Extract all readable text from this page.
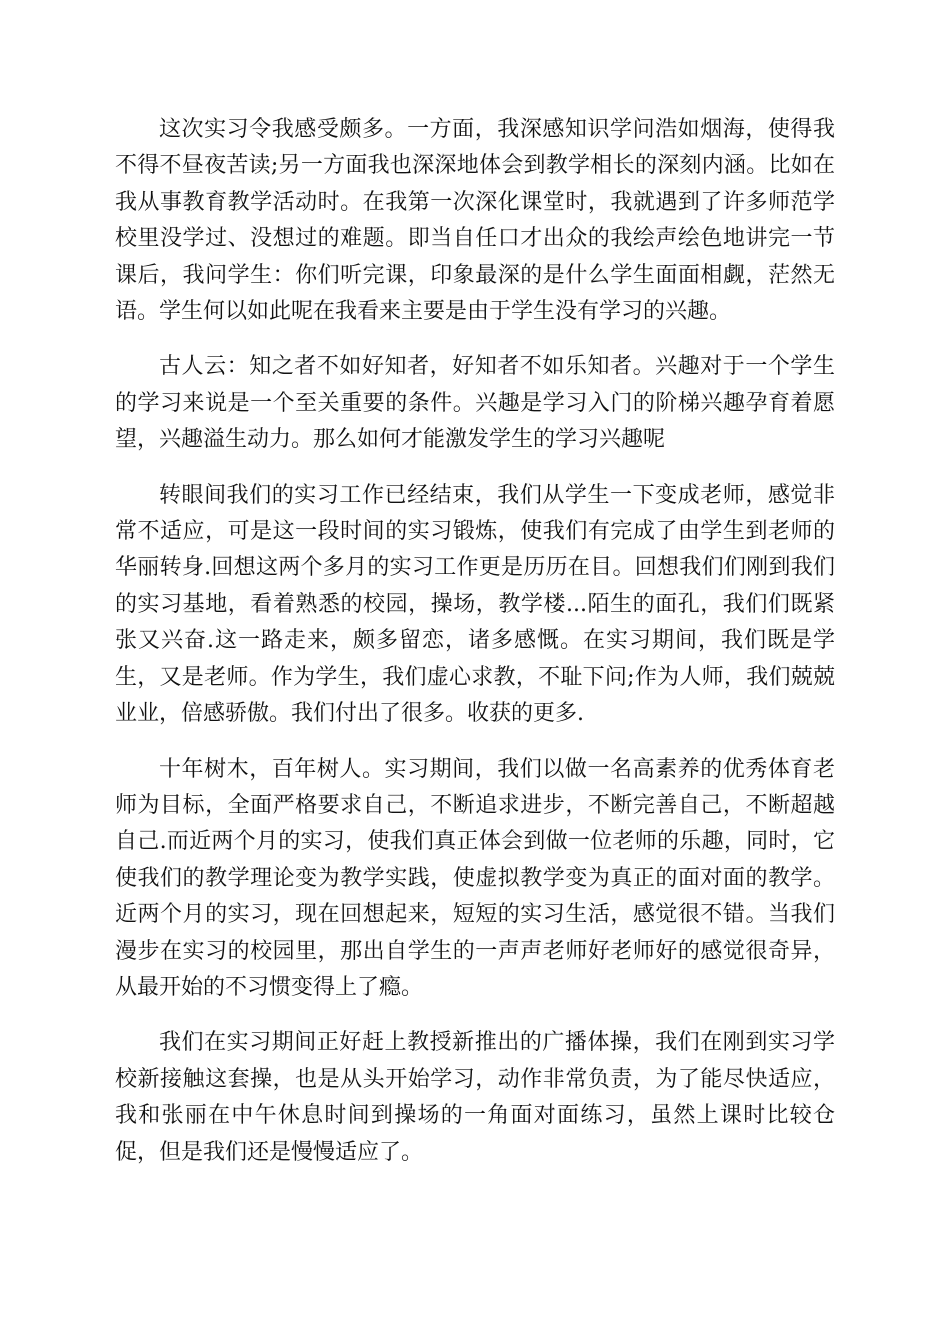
这次实习令我感受颇多。一方面，我深感知识学问浩如烟海，使得我不得不昼夜苦读;另一方面我也深深地体会到教学相长的深刻内涵。比如在我从事教育教学活动时。在我第一次深化课堂时，我就遇到了许多师范学校里没学过、没想过的难题。即当自任口才出众的我绘声绘色地讲完一节课后，我问学生：你们听完课，印象最深的是什么学生面面相觑，茫然无语。学生何以如此呢在我看来主要是由于学生没有学习的兴趣。

古人云：知之者不如好知者，好知者不如乐知者。兴趣对于一个学生的学习来说是一个至关重要的条件。兴趣是学习入门的阶梯兴趣孕育着愿望，兴趣溢生动力。那么如何才能激发学生的学习兴趣呢

转眼间我们的实习工作已经结束，我们从学生一下变成老师，感觉非常不适应，可是这一段时间的实习锻炼，使我们有完成了由学生到老师的华丽转身.回想这两个多月的实习工作更是历历在目。回想我们们刚到我们的实习基地，看着熟悉的校园，操场，教学楼...陌生的面孔，我们们既紧张又兴奋.这一路走来，颇多留恋，诸多感慨。在实习期间，我们既是学生，又是老师。作为学生，我们虚心求教，不耻下问;作为人师，我们兢兢业业，倍感骄傲。我们付出了很多。收获的更多.

十年树木，百年树人。实习期间，我们以做一名高素养的优秀体育老师为目标，全面严格要求自己，不断追求进步，不断完善自己，不断超越自己.而近两个月的实习，使我们真正体会到做一位老师的乐趣，同时，它使我们的教学理论变为教学实践，使虚拟教学变为真正的面对面的教学。近两个月的实习，现在回想起来，短短的实习生活，感觉很不错。当我们漫步在实习的校园里，那出自学生的一声声老师好老师好的感觉很奇异，从最开始的不习惯变得上了瘾。

我们在实习期间正好赶上教授新推出的广播体操，我们在刚到实习学校新接触这套操，也是从头开始学习，动作非常负责，为了能尽快适应，我和张丽在中午休息时间到操场的一角面对面练习，虽然上课时比较仓促，但是我们还是慢慢适应了。
